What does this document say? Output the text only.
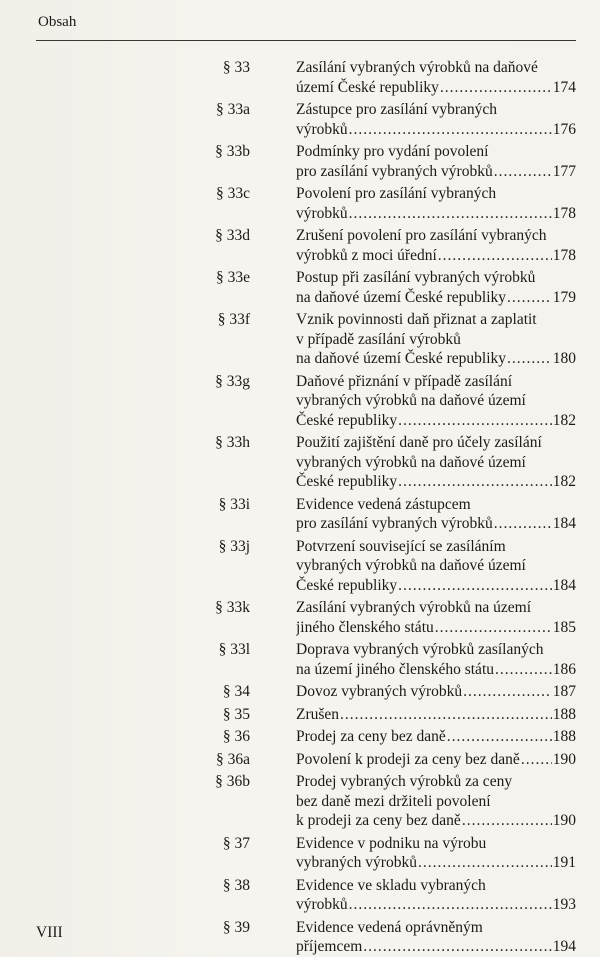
Obsah
§ 33	Zasílání vybraných výrobků na daňové
území České republiky .....	174
§ 33a	Zástupce pro zasílání vybraných
výrobků .....	176
§ 33b	Podmínky pro vydání povolení
pro zasílání vybraných výrobků .....	177
§ 33c	Povolení pro zasílání vybraných
výrobků .....	178
§ 33d	Zrušení povolení pro zasílání vybraných
výrobků z moci úřední .....	178
§ 33e	Postup při zasílání vybraných výrobků
na daňové území České republiky .....	179
§ 33f	Vznik povinnosti daň přiznat a zaplatit
v případě zasílání výrobků
na daňové území České republiky .....	180
§ 33g	Daňové přiznání v případě zasílání
vybraných výrobků na daňové území
České republiky .....	182
§ 33h	Použití zajištění daně pro účely zasílání
vybraných výrobků na daňové území
České republiky .....	182
§ 33i	Evidence vedená zástupcem
pro zasílání vybraných výrobků .....	184
§ 33j	Potvrzení související se zasíláním
vybraných výrobků na daňové území
České republiky .....	184
§ 33k	Zasílání vybraných výrobků na území
jiného členského státu .....	185
§ 33l	Doprava vybraných výrobků zasílaných
na území jiného členského státu .....	186
§ 34	Dovoz vybraných výrobků .....	187
§ 35	Zrušen .....	188
§ 36	Prodej za ceny bez daně .....	188
§ 36a	Povolení k prodeji za ceny bez daně ..... 190
§ 36b	Prodej vybraných výrobků za ceny
bez daně mezi držiteli povolení
k prodeji za ceny bez daně .....	190
§ 37	Evidence v podniku na výrobu
vybraných výrobků .....	191
§ 38	Evidence ve skladu vybraných
výrobků .....	193
§ 39	Evidence vedená oprávněným
příjemcem .....	194
VIII
